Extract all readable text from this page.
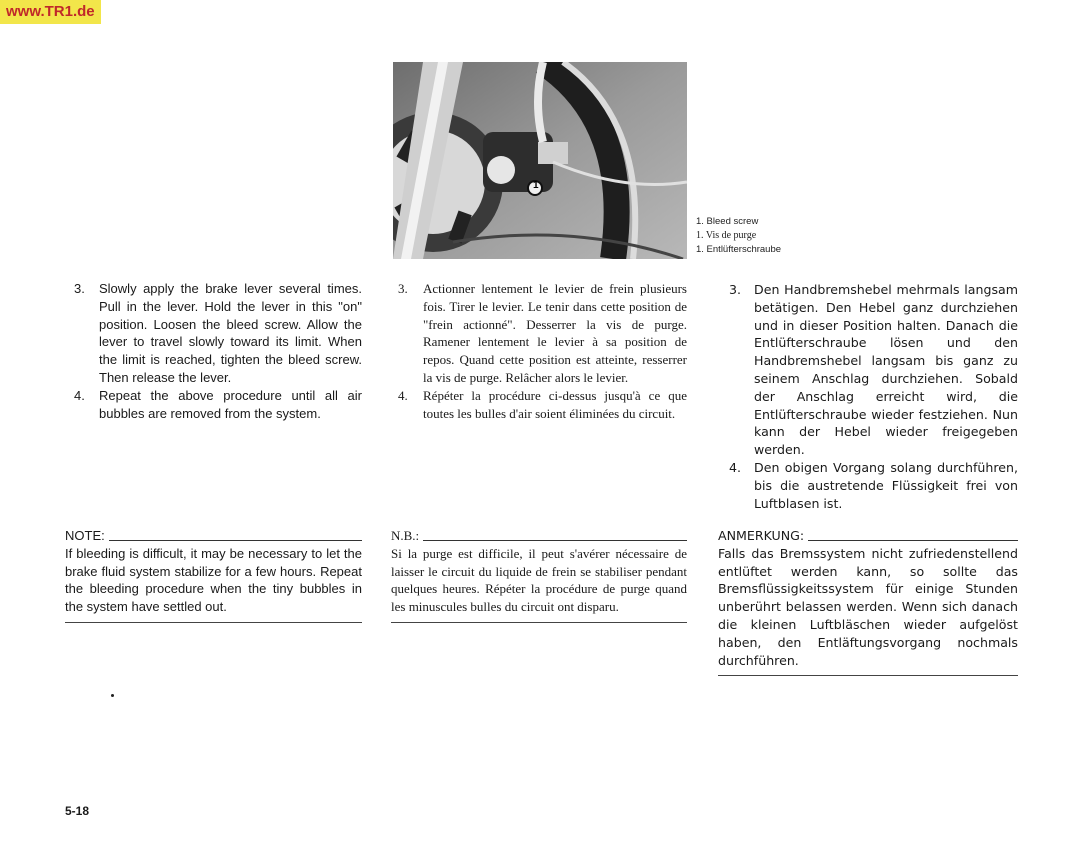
www.TR1.de
1
1. Bleed screw
1. Vis de purge
1. Entlüfterschraube
3.	Slowly apply the brake lever several times. Pull in the lever. Hold the lever in this "on" position. Loosen the bleed screw. Allow the lever to travel slowly toward its limit. When the limit is reached, tighten the bleed screw. Then release the lever.
4.	Repeat the above procedure until all air bubbles are removed from the system.
3.	Actionner lentement le levier de frein plusieurs fois. Tirer le levier. Le tenir dans cette position de "frein actionné". Desserrer la vis de purge. Ramener lentement le levier à sa position de repos. Quand cette position est atteinte, resserrer la vis de purge. Relâcher alors le levier.
4.	Répéter la procédure ci-dessus jusqu'à ce que toutes les bulles d'air soient éliminées du circuit.
3.	Den Handbremshebel mehrmals langsam betätigen. Den Hebel ganz durchziehen und in dieser Position halten. Danach die Entlüfterschraube lösen und den Handbremshebel langsam bis ganz zu seinem Anschlag durchziehen. Sobald der Anschlag erreicht wird, die Entlüfterschraube wieder festziehen. Nun kann der Hebel wieder freigegeben werden.
4.	Den obigen Vorgang solang durchführen, bis die austretende Flüssigkeit frei von Luftblasen ist.
NOTE:

If bleeding is difficult, it may be necessary to let the brake fluid system stabilize for a few hours. Repeat the bleeding procedure when the tiny bubbles in the system have settled out.

N.B.:

Si la purge est difficile, il peut s'avérer nécessaire de laisser le circuit du liquide de frein se stabiliser pendant quelques heures. Répéter la procédure de purge quand les minuscules bulles du circuit ont disparu.

ANMERKUNG:

Falls das Bremssystem nicht zufriedenstellend entlüftet werden kann, so sollte das Bremsflüssigkeitssystem für einige Stunden unberührt belassen werden. Wenn sich danach die kleinen Luftbläschen wieder aufgelöst haben, den Entläftungsvorgang nochmals durchführen.

5-18
